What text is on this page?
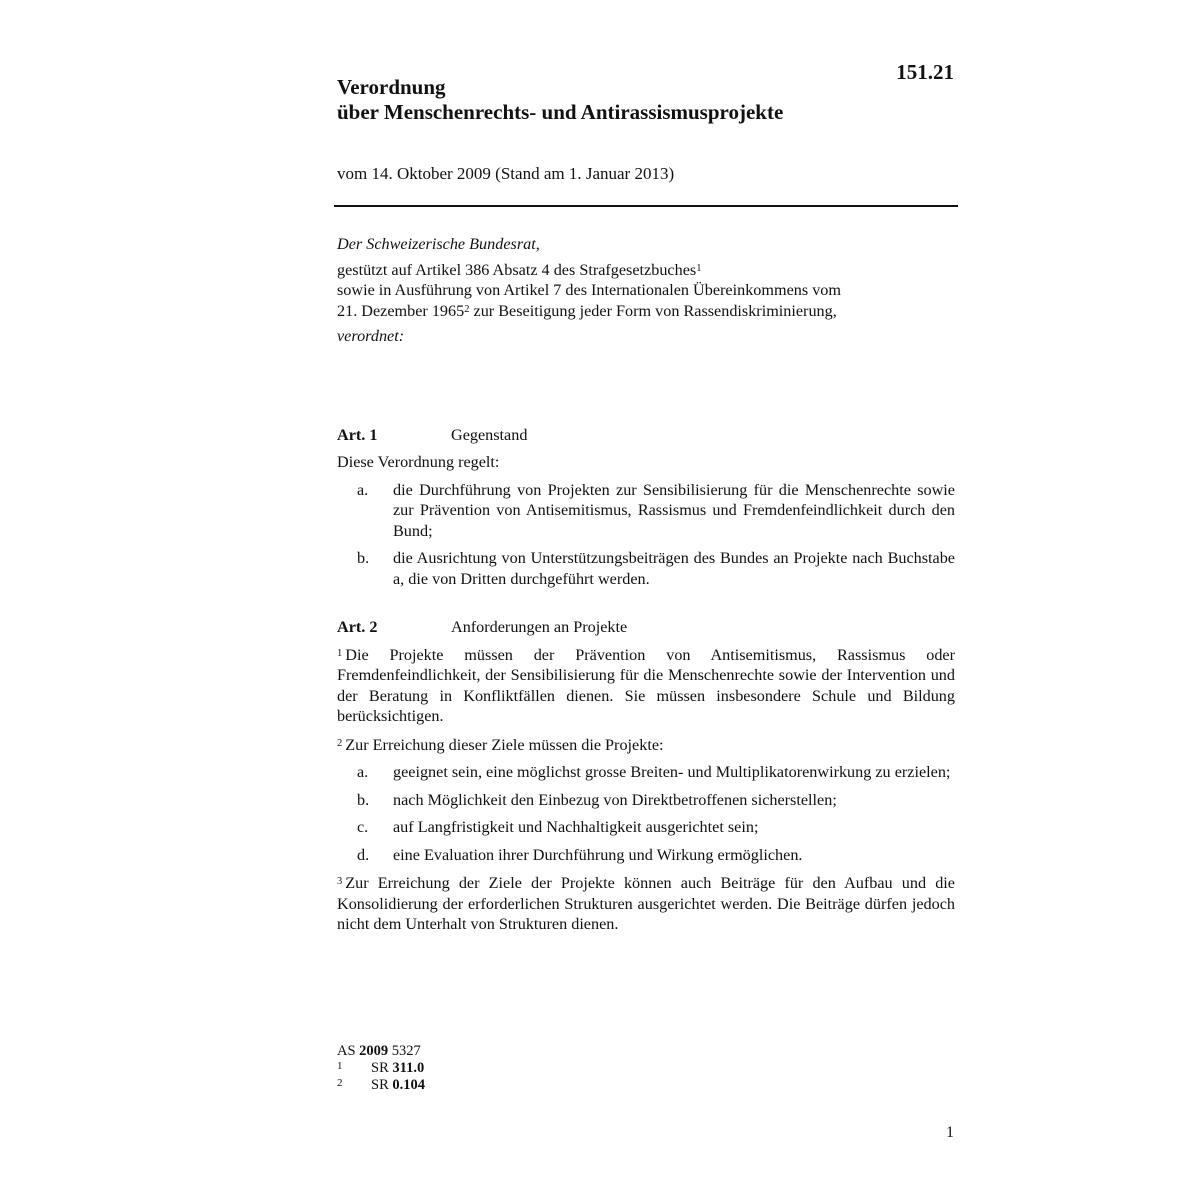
151.21
Verordnung
über Menschenrechts- und Antirassismusprojekte
vom 14. Oktober 2009 (Stand am 1. Januar 2013)

Der Schweizerische Bundesrat,

gestützt auf Artikel 386 Absatz 4 des Strafgesetzbuches$^1$

sowie in Ausführung von Artikel 7 des Internationalen Übereinkommens vom

21. Dezember 1965$^2$ zur Beseitigung jeder Form von Rassendiskriminierung,

verordnet:

Art. 1	Gegenstand

Diese Verordnung regelt:

a.	die Durchführung von Projekten zur Sensibilisierung für die Menschenrechte sowie zur Prävention von Antisemitismus, Rassismus und Fremdenfeindlichkeit durch den Bund;
b.	die Ausrichtung von Unterstützungsbeiträgen des Bundes an Projekte nach Buchstabe a, die von Dritten durchgeführt werden.
Art. 2	Anforderungen an Projekte

$^1$ Die Projekte müssen der Prävention von Antisemitismus, Rassismus oder Fremdenfeindlichkeit, der Sensibilisierung für die Menschenrechte sowie der Intervention und der Beratung in Konfliktfällen dienen. Sie müssen insbesondere Schule und Bildung berücksichtigen.

$^2$ Zur Erreichung dieser Ziele müssen die Projekte:

a.	geeignet sein, eine möglichst grosse Breiten- und Multiplikatorenwirkung zu erzielen;
b.	nach Möglichkeit den Einbezug von Direktbetroffenen sicherstellen;
c.	auf Langfristigkeit und Nachhaltigkeit ausgerichtet sein;
d.	eine Evaluation ihrer Durchführung und Wirkung ermöglichen.

$^3$ Zur Erreichung der Ziele der Projekte können auch Beiträge für den Aufbau und die Konsolidierung der erforderlichen Strukturen ausgerichtet werden. Die Beiträge dürfen jedoch nicht dem Unterhalt von Strukturen dienen.

AS
2009
5327
1	SR
311.0
2	SR
0.104
1
